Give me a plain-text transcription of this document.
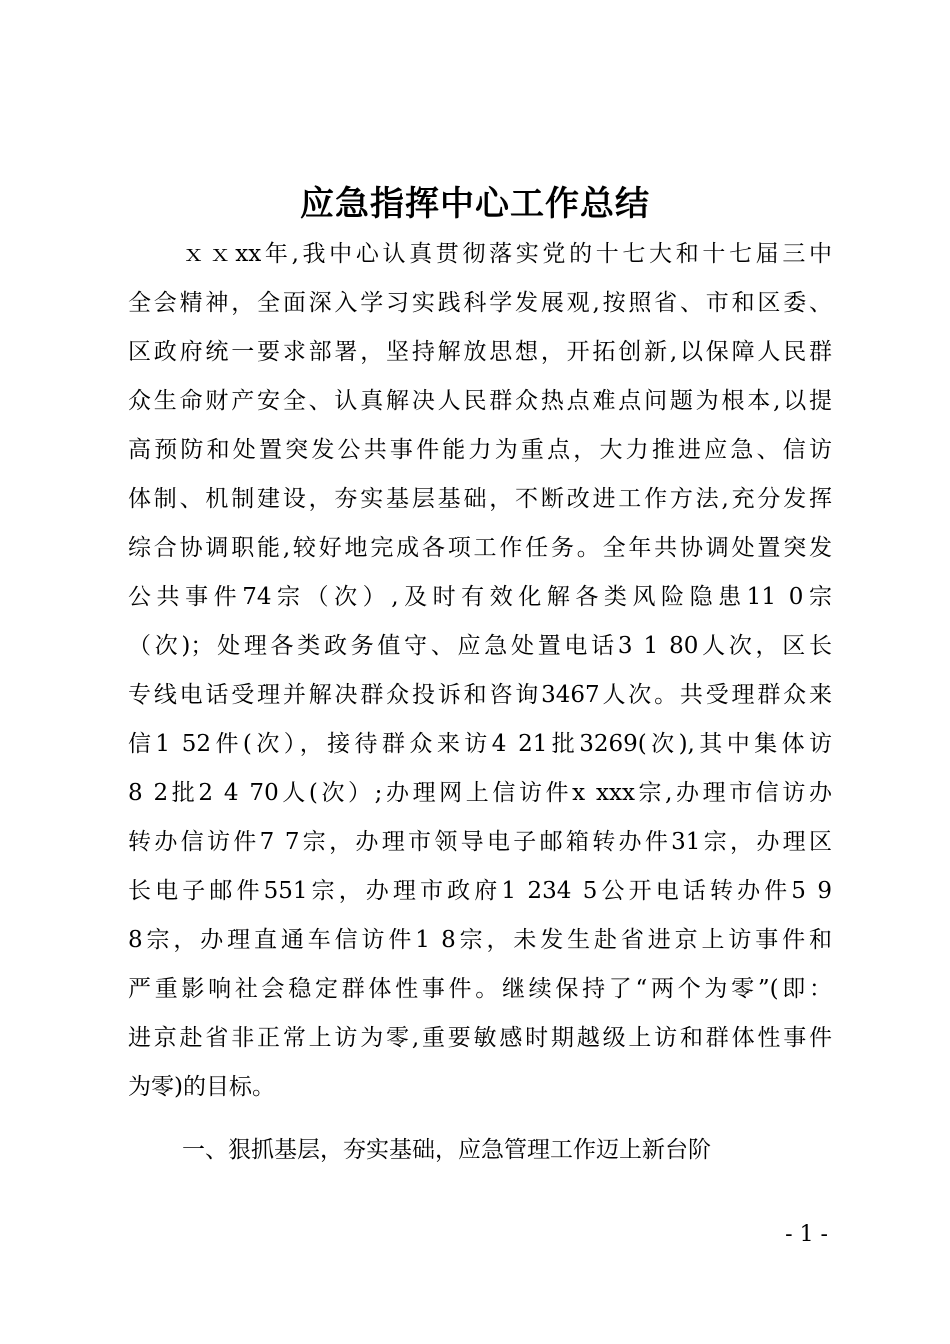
应急指挥中心工作总结
ｘｘxx年,我中心认真贯彻落实党的十七大和十七届三中
全会精神，全面深入学习实践科学发展观,按照省、市和区委、
区政府统一要求部署，坚持解放思想，开拓创新,以保障人民群
众生命财产安全、认真解决人民群众热点难点问题为根本,以提
高预防和处置突发公共事件能力为重点，大力推进应急、信访
体制、机制建设，夯实基层基础，不断改进工作方法,充分发挥
综合协调职能,较好地完成各项工作任务。全年共协调处置突发
公共事件74宗（次）,及时有效化解各类风险隐患11 0宗
（次)；处理各类政务值守、应急处置电话3 1 80人次，区长
专线电话受理并解决群众投诉和咨询3467人次。共受理群众来
信1 52件(次），接待群众来访4 21批3269(次),其中集体访
8 2批2 4 70人(次）;办理网上信访件x xxx宗,办理市信访办
转办信访件7 7宗，办理市领导电子邮箱转办件31宗，办理区
长电子邮件551宗，办理市政府1 234 5公开电话转办件5 9
8宗，办理直通车信访件1 8宗，未发生赴省进京上访事件和
严重影响社会稳定群体性事件。继续保持了“两个为零”(即：
进京赴省非正常上访为零,重要敏感时期越级上访和群体性事件
为零)的目标。
一、狠抓基层，夯实基础，应急管理工作迈上新台阶
- 1 -
